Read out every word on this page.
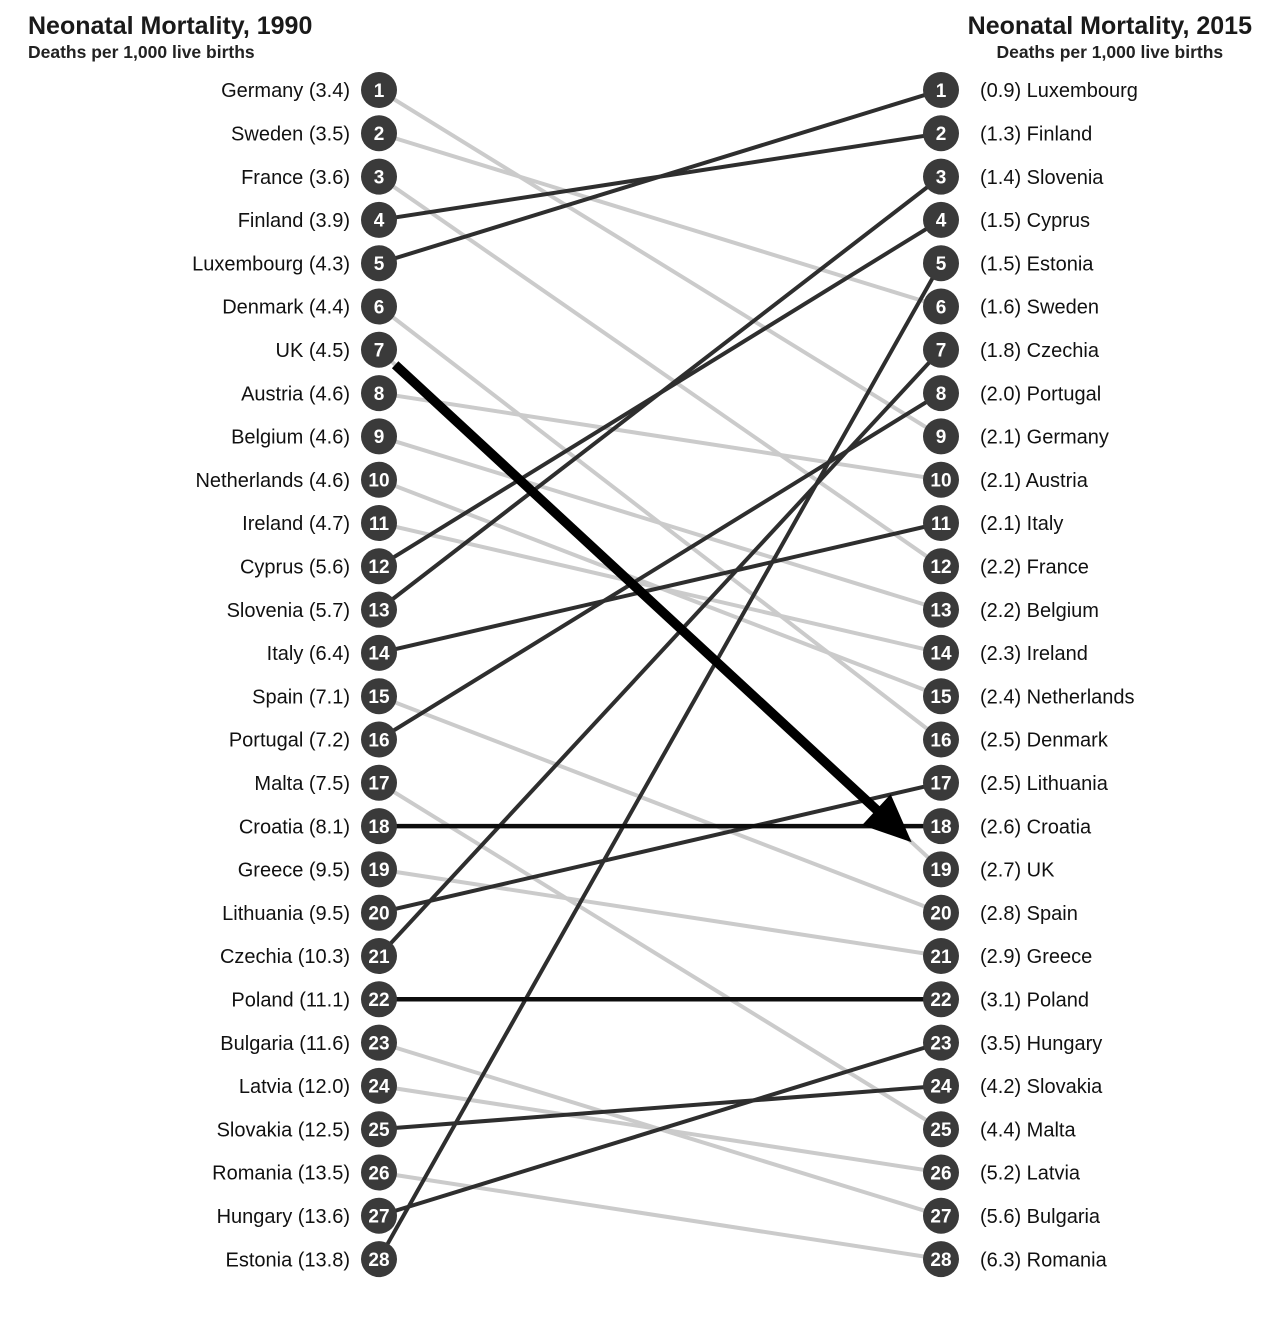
1
9
2
6
3
12
4
2
5
1
6
16
7
19
8
10
9
13
10
15
11
14
12
4
13
3
14
11
15
20
16
8
17
25
18	18
19
21
20
17
21
7
22	22
23
27
24
26
25
24
26
28
27
23
28
5
Germany (3.4)
(2.1) Germany
Sweden (3.5)
(1.6) Sweden
France (3.6)
(2.2) France
Finland (3.9)
(1.3) Finland
Luxembourg (4.3)
(0.9) Luxembourg
Denmark (4.4)
(2.5) Denmark
UK (4.5)
(2.7) UK
Austria (4.6)
(2.1) Austria
Belgium (4.6)
(2.2) Belgium
Netherlands (4.6)
(2.4) Netherlands
Ireland (4.7)
(2.3) Ireland
Cyprus (5.6)
(1.5) Cyprus
Slovenia (5.7)
(1.4) Slovenia
Italy (6.4)
(2.1) Italy
Spain (7.1)
(2.8) Spain
Portugal (7.2)
(2.0) Portugal
Malta (7.5)
(4.4) Malta
Croatia (8.1)	(2.6) Croatia
Greece (9.5)
(2.9) Greece
Lithuania (9.5)
(2.5) Lithuania
Czechia (10.3)
(1.8) Czechia
Poland (11.1)	(3.1) Poland
Bulgaria (11.6)
(5.6) Bulgaria
Latvia (12.0)
(5.2) Latvia
Slovakia (12.5)
(4.2) Slovakia
Romania (13.5)
(6.3) Romania
Hungary (13.6)
(3.5) Hungary
Estonia (13.8)
(1.5) Estonia
Neonatal Mortality, 1990
Deaths per 1,000 live births
Neonatal Mortality, 2015
Deaths per 1,000 live births
